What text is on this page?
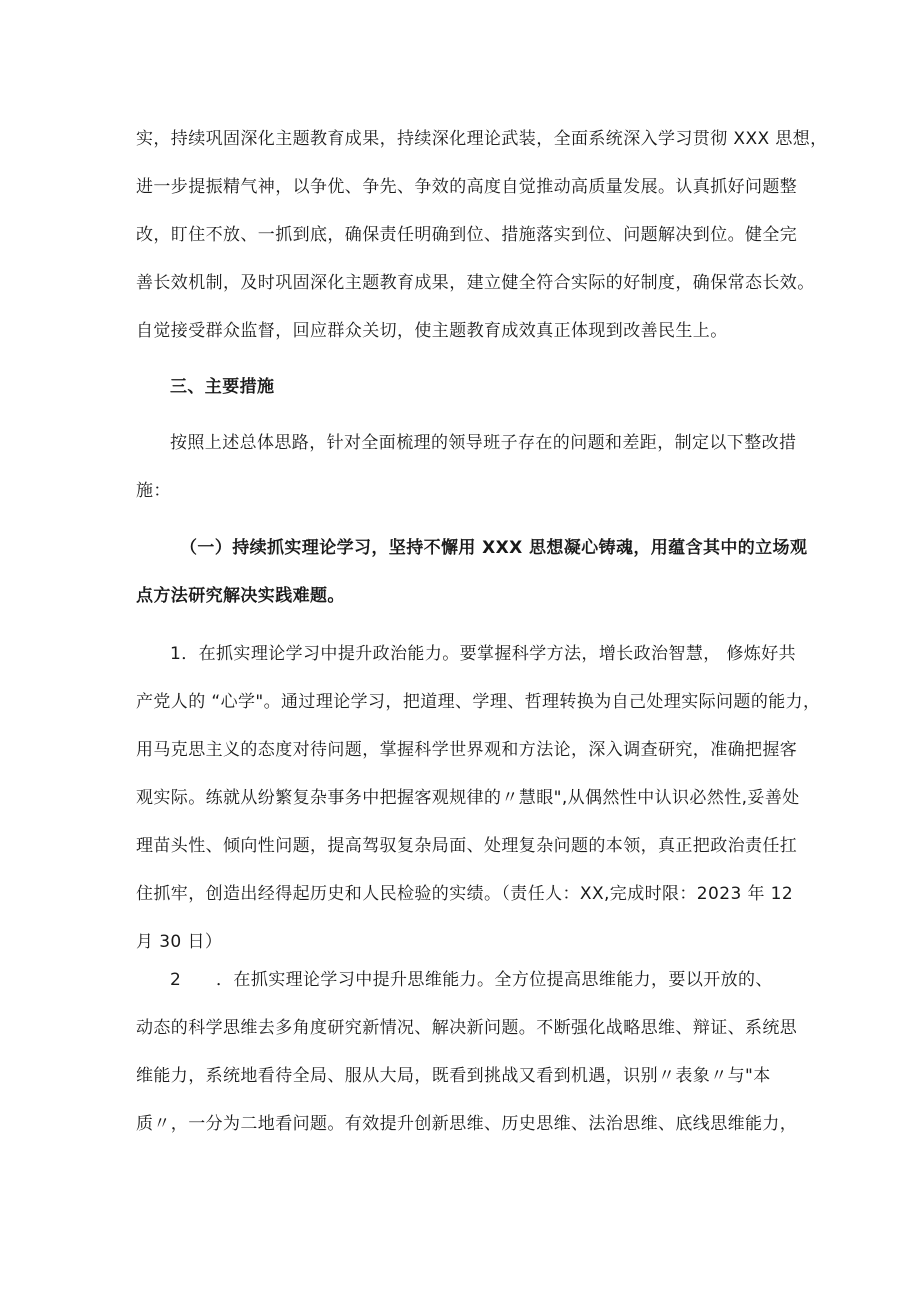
实，持续巩固深化主题教育成果，持续深化理论武装，全面系统深入学习贯彻 XXX 思想，
进一步提振精气神，以争优、争先、争效的高度自觉推动高质量发展。认真抓好问题整
改，盯住不放、一抓到底，确保责任明确到位、措施落实到位、问题解决到位。健全完
善长效机制，及时巩固深化主题教育成果，建立健全符合实际的好制度，确保常态长效。
自觉接受群众监督，回应群众关切，使主题教育成效真正体现到改善民生上。
三、主要措施
按照上述总体思路，针对全面梳理的领导班子存在的问题和差距，制定以下整改措
施：
（一）持续抓实理论学习，坚持不懈用 XXX 思想凝心铸魂，用蕴含其中的立场观
点方法研究解决实践难题。
1．在抓实理论学习中提升政治能力。要掌握科学方法，增长政治智慧， 修炼好共
产党人的 “心学"。通过理论学习，把道理、学理、哲理转换为自己处理实际问题的能力，
用马克思主义的态度对待问题，掌握科学世界观和方法论，深入调查研究，准确把握客
观实际。练就从纷繁复杂事务中把握客观规律的〃慧眼",从偶然性中认识必然性,妥善处
理苗头性、倾向性问题，提高驾驭复杂局面、处理复杂问题的本领，真正把政治责任扛
住抓牢，创造出经得起历史和人民检验的实绩。（责任人：XX,完成时限：2023 年 12
月 30 日）
2　　．在抓实理论学习中提升思维能力。全方位提高思维能力，要以开放的、
动态的科学思维去多角度研究新情况、解决新问题。不断强化战略思维、辩证、系统思
维能力，系统地看待全局、服从大局，既看到挑战又看到机遇，识别〃表象〃与"本
质〃，一分为二地看问题。有效提升创新思维、历史思维、法治思维、底线思维能力，
